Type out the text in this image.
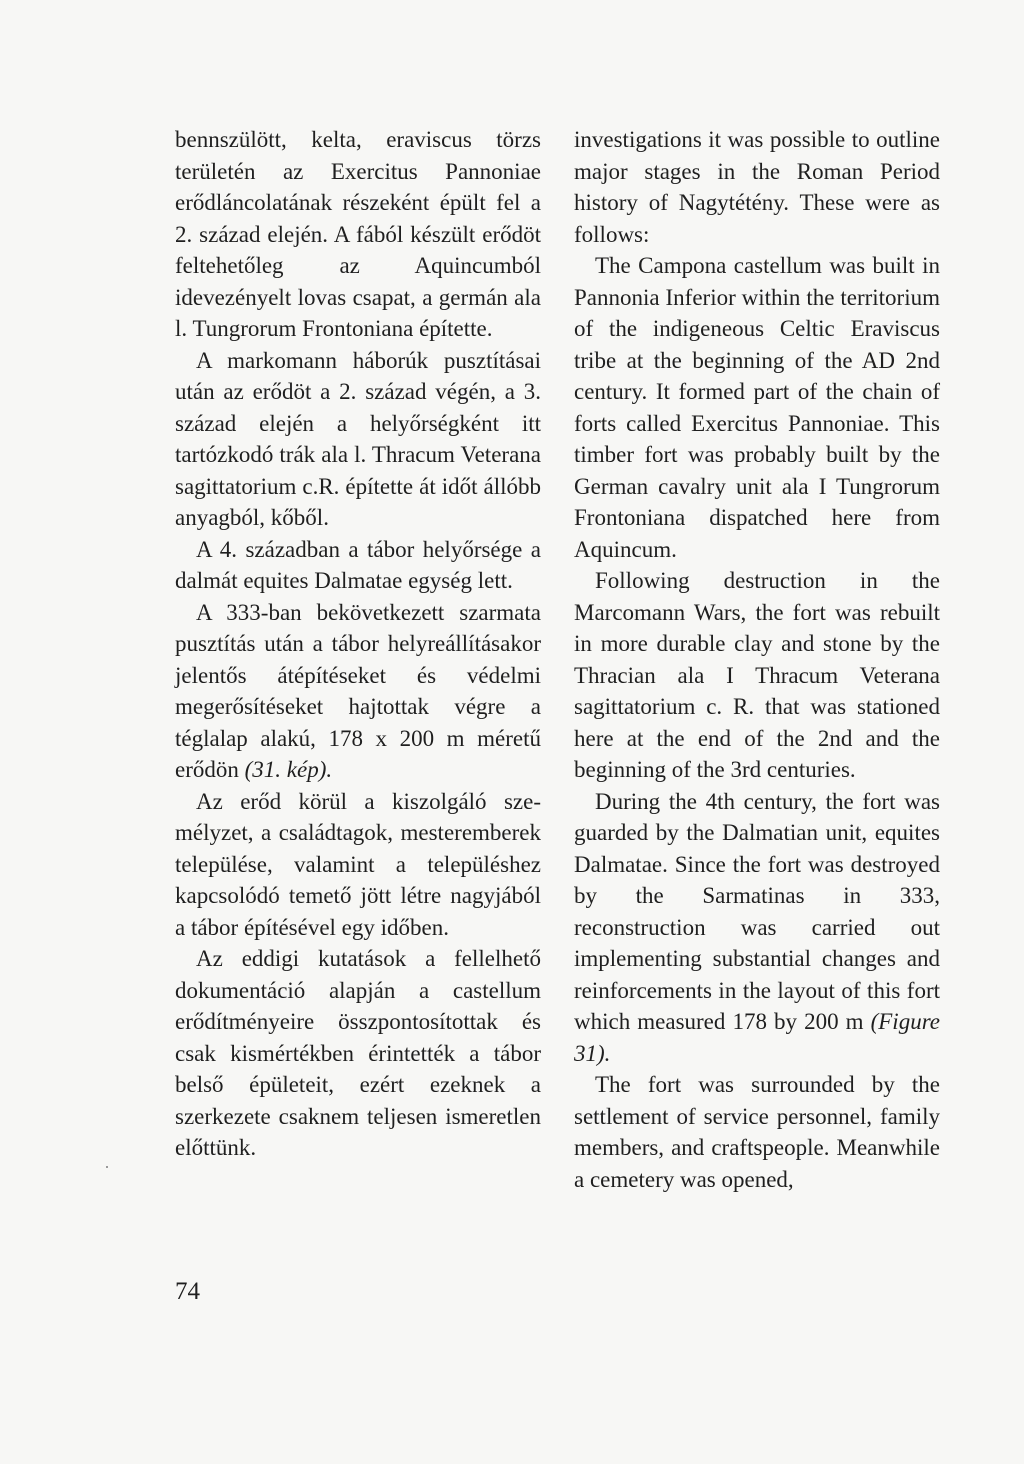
bennszülött, kelta, eraviscus törzs területén az Exercitus Pannoniae erődláncolatának részeként épült fel a 2. század elején. A fából készült erődöt feltehetőleg az Aquincumból idevezényelt lovas csapat, a germán ala l. Tungrorum Frontoniana építette.

A markomann háborúk pusztításai után az erődöt a 2. század végén, a 3. század elején a helyőrségként itt tartózkodó trák ala l. Thracum Veterana sagittatorium c.R. építette át időt állóbb anyagból, kőből.

A 4. században a tábor helyőrsége a dalmát equites Dalmatae egység lett.

A 333-ban bekövetkezett szarmata pusztítás után a tábor helyreállításakor jelentős átépítéseket és védelmi megerősítéseket hajtottak végre a téglalap alakú, 178 x 200 m méretű erődön (31. kép).

Az erőd körül a kiszolgáló személyzet, a családtagok, mesteremberek települése, valamint a településhez kapcsolódó temető jött létre nagyjából a tábor építésével egy időben.

Az eddigi kutatások a fellelhető dokumentáció alapján a castellum erődítményeire összpontosítottak és csak kismértékben érintették a tábor belső épületeit, ezért ezeknek a szerkezete csaknem teljesen ismeretlen előttünk.

investigations it was possible to outline major stages in the Roman Period history of Nagytétény. These were as follows:

The Campona castellum was built in Pannonia Inferior within the territorium of the indigeneous Celtic Eraviscus tribe at the beginning of the AD 2nd century. It formed part of the chain of forts called Exercitus Pannoniae. This timber fort was probably built by the German cavalry unit ala I Tungrorum Frontoniana dispatched here from Aquincum.

Following destruction in the Marcomann Wars, the fort was rebuilt in more durable clay and stone by the Thracian ala I Thracum Veterana sagittatorium c. R. that was stationed here at the end of the 2nd and the beginning of the 3rd centuries.

During the 4th century, the fort was guarded by the Dalmatian unit, equites Dalmatae. Since the fort was destroyed by the Sarmatinas in 333, reconstruction was carried out implementing substantial changes and reinforcements in the layout of this fort which measured 178 by 200 m (Figure 31).

The fort was surrounded by the settlement of service personnel, family members, and craftspeople. Meanwhile a cemetery was opened,

74
